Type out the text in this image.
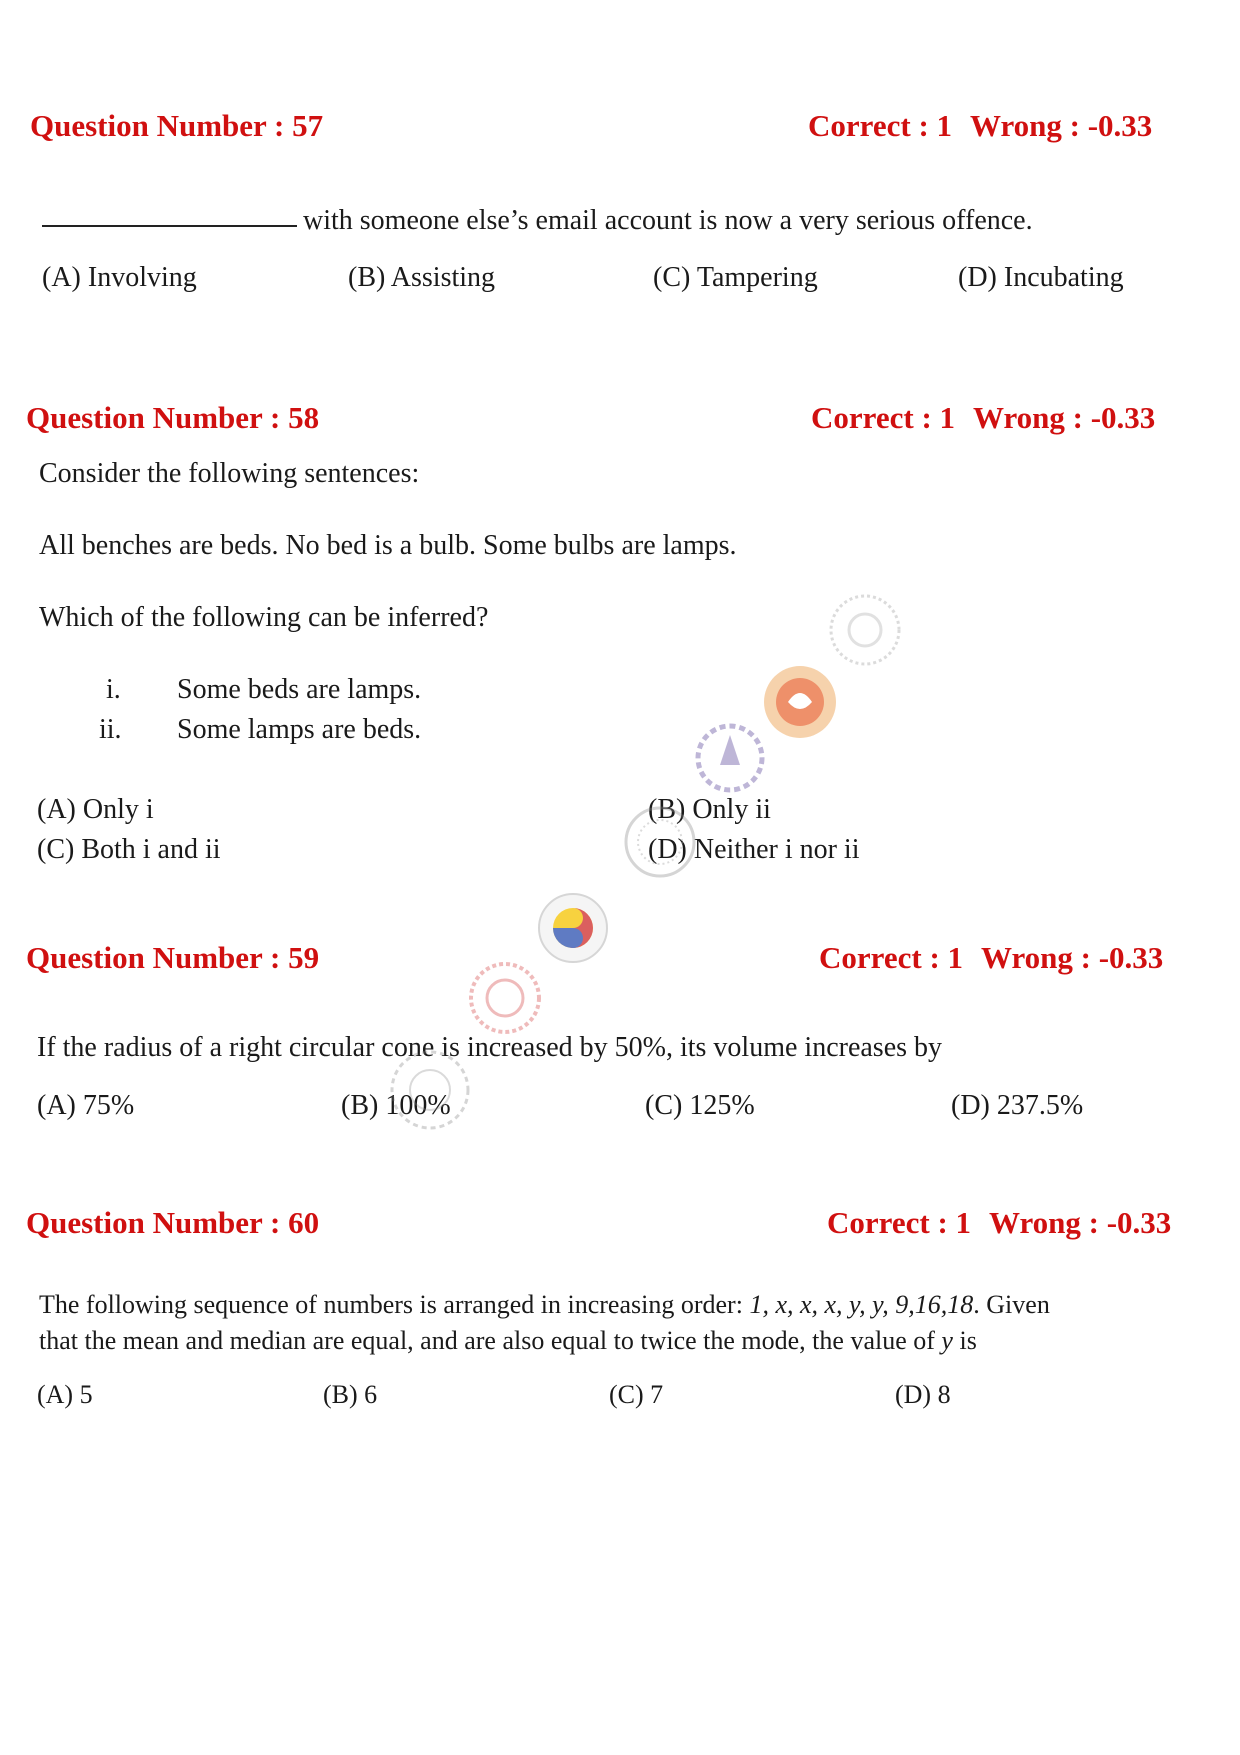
Question Number : 57	Correct : 1 Wrong : -0.33
with someone else’s email account is now a very serious offence.
(A) Involving	(B) Assisting	(C) Tampering	(D) Incubating
Question Number : 58	Correct : 1 Wrong : -0.33
Consider the following sentences:
All benches are beds. No bed is a bulb. Some bulbs are lamps.
Which of the following can be inferred?
i. Some beds are lamps.
ii. Some lamps are beds.
(A) Only i	(B) Only ii
(C) Both i and ii	(D) Neither i nor ii
Question Number : 59	Correct : 1 Wrong : -0.33
If the radius of a right circular cone is increased by 50%, its volume increases by
(A) 75%	(B) 100%	(C) 125%	(D) 237.5%
Question Number : 60	Correct : 1 Wrong : -0.33
The following sequence of numbers is arranged in increasing order: 1, x, x, x, y, y, 9,16,18. Given
that the mean and median are equal, and are also equal to twice the mode, the value of y is
(A) 5	(B) 6	(C) 7	(D) 8
